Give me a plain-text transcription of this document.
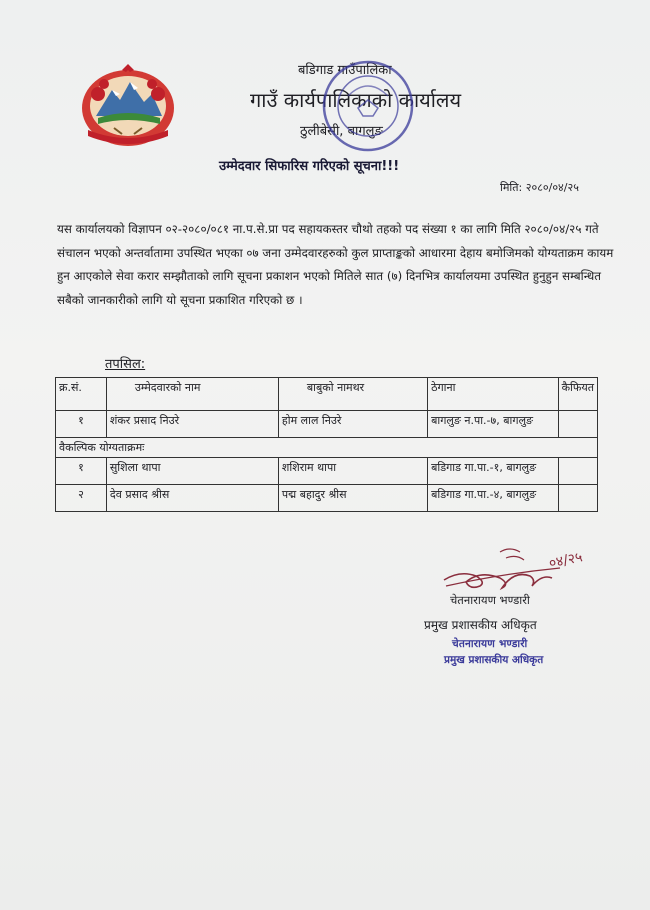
बडिगाड गाउँपालिका
गाउँ कार्यपालिकाको कार्यालय
ठुलीबेसी, बागलुङ
उम्मेदवार सिफारिस गरिएको सूचना!!!
मिति: २०८०/०४/२५
यस कार्यालयको विज्ञापन ०२-२०८०/०८१ ना.प.से.प्रा पद सहायकस्तर चौथो तहको पद संख्या १ का लागि मिति २०८०/०४/२५ गते संचालन भएको अन्तर्वातामा उपस्थित भएका ०७ जना उम्मेदवारहरुको कुल प्राप्ताङ्कको आधारमा देहाय बमोजिमको योग्यताक्रम कायम हुन आएकोले सेवा करार सम्झौताको लागि सूचना प्रकाशन भएको मितिले सात (७) दिनभित्र कार्यालयमा उपस्थित हुनुहुन सम्बन्धित सबैको जानकारीको लागि यो सूचना प्रकाशित गरिएको छ ।
तपसिल:
क्र.सं.	उम्मेदवारको नाम	बाबुको नामथर	ठेगाना	कैफियत
१	शंकर प्रसाद निउरे	होम लाल निउरे	बागलुङ न.पा.-७, बागलुङ	
वैकल्पिक योग्यताक्रमः				
१	सुशिला थापा	शशिराम थापा	बडिगाड गा.पा.-१, बागलुङ	
२	देव प्रसाद श्रीस	पद्म बहादुर श्रीस	बडिगाड गा.पा.-४, बागलुङ	
०४/२५
चेतनारायण भण्डारी
प्रमुख प्रशासकीय अधिकृत
चेतनारायण भण्डारी
प्रमुख प्रशासकीय अधिकृत
